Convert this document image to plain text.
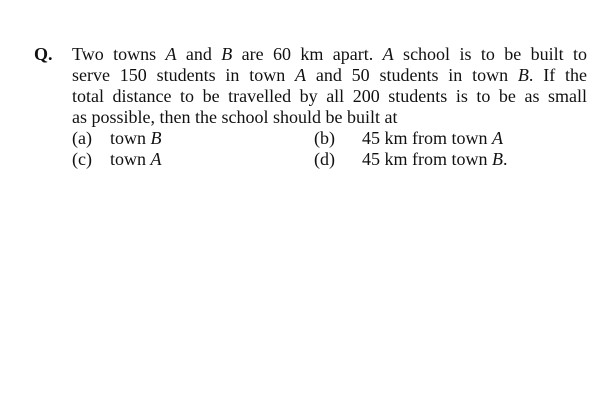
Q. Two towns A and B are 60 km apart. A school is to be built to
serve 150 students in town A and 50 students in town B. If the
total distance to be travelled by all 200 students is to be as small
as possible, then the school should be built at
(a) town B	(b) 45 km from town A
(c) town A	(d) 45 km from town B.
